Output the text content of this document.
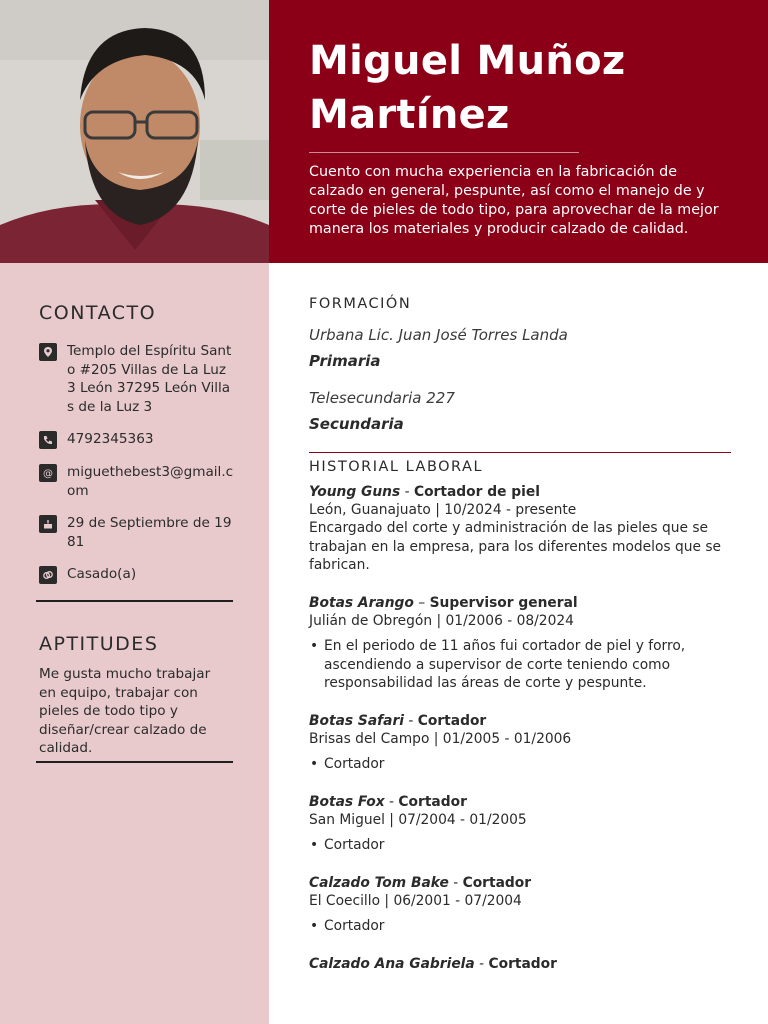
Miguel Muñoz
Martínez
Cuento con mucha experiencia en la fabricación de calzado en general, pespunte, así como el manejo de y corte de pieles de todo tipo, para aprovechar de la mejor manera los materiales y producir calzado de calidad.
CONTACTO
Templo del Espíritu Santo #205 Villas de La Luz 3 León 37295 León Villas de la Luz 3
4792345363
@ miguethebest3@gmail.com
29 de Septiembre de 1981
Casado(a)
APTITUDES
Me gusta mucho trabajar en equipo, trabajar con pieles de todo tipo y diseñar/crear calzado de calidad.
FORMACIÓN
Urbana Lic. Juan José Torres Landa
Primaria
Telesecundaria 227
Secundaria
HISTORIAL LABORAL
Young Guns - Cortador de piel
León, Guanajuato | 10/2024 - presente
Encargado del corte y administración de las pieles que se trabajan en la empresa, para los diferentes modelos que se fabrican.
Botas Arango – Supervisor general
Julián de Obregón | 01/2006 - 08/2024
• En el periodo de 11 años fui cortador de piel y forro, ascendiendo a supervisor de corte teniendo como responsabilidad las áreas de corte y pespunte.
Botas Safari - Cortador
Brisas del Campo | 01/2005 - 01/2006
• Cortador
Botas Fox - Cortador
San Miguel | 07/2004 - 01/2005
• Cortador
Calzado Tom Bake - Cortador
El Coecillo | 06/2001 - 07/2004
• Cortador
Calzado Ana Gabriela - Cortador
